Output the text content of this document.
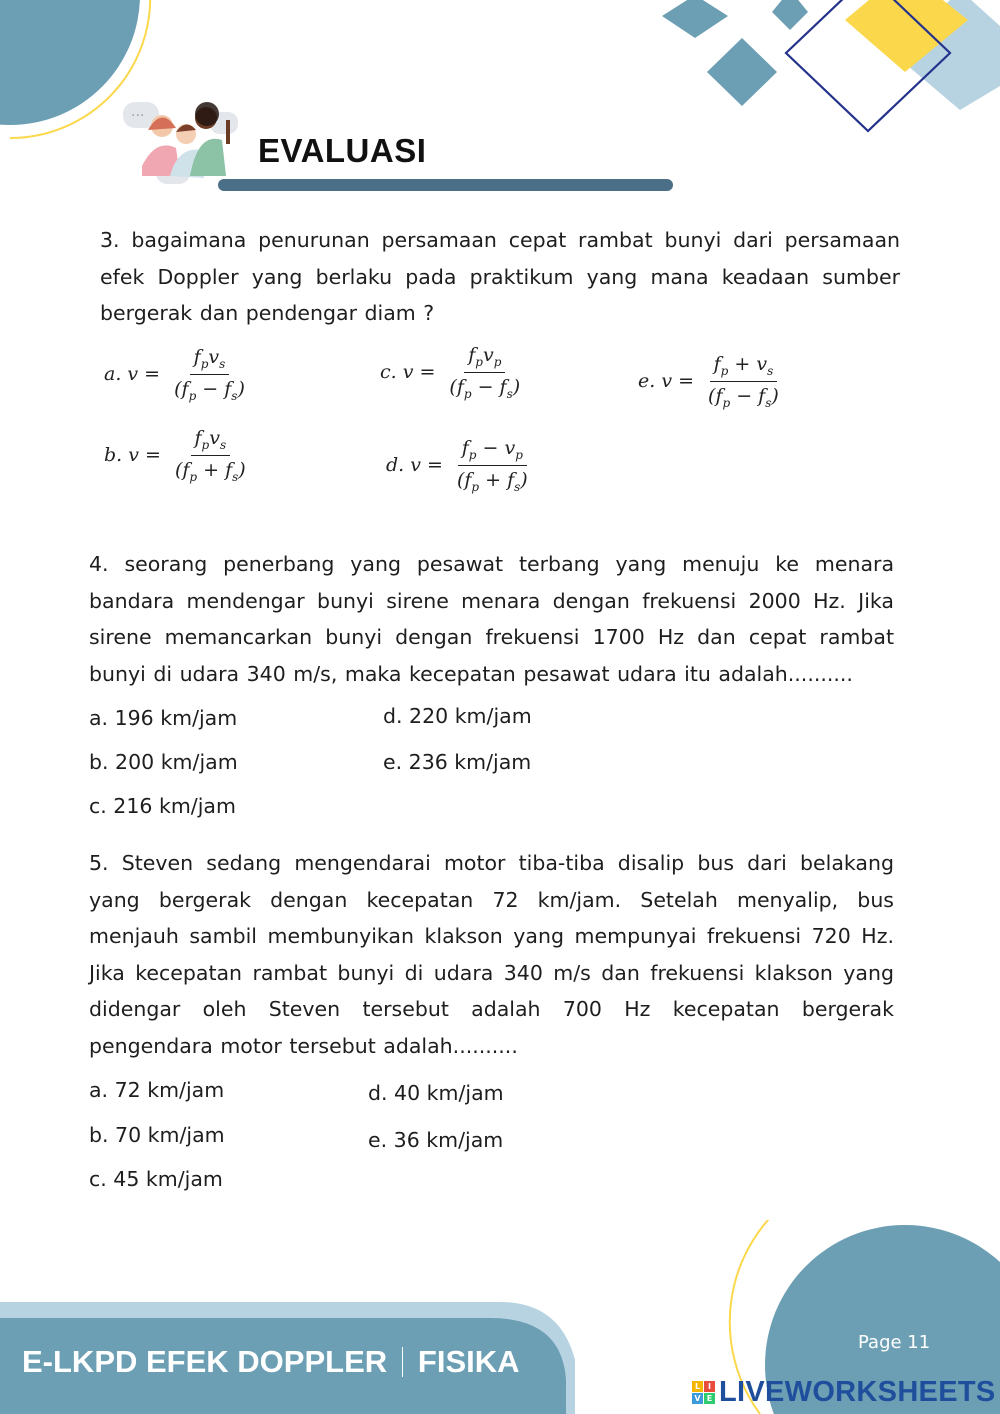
···
EVALUASI
3. bagaimana penurunan persamaan cepat rambat bunyi dari persamaan efek Doppler yang berlaku pada praktikum yang mana keadaan sumber bergerak dan pendengar diam ?
a. $v = \frac{f_pv_s}{(f_p - f_s)}$
b. $v = \frac{f_pv_s}{(f_p + f_s)}$
c. $v = \frac{f_pv_p}{(f_p - f_s)}$
d. $v = \frac{f_p - v_p}{(f_p + f_s)}$
e. $v = \frac{f_p + v_s}{(f_p - f_s)}$
4. seorang penerbang yang pesawat terbang yang menuju ke menara bandara mendengar bunyi sirene menara dengan frekuensi 2000 Hz. Jika sirene memancarkan bunyi dengan frekuensi 1700 Hz dan cepat rambat bunyi di udara 340 m/s, maka kecepatan pesawat udara itu adalah..........
a. 196 km/jam
b. 200 km/jam
c. 216 km/jam
d. 220 km/jam
e. 236 km/jam
5. Steven sedang mengendarai motor tiba-tiba disalip bus dari belakang yang bergerak dengan kecepatan 72 km/jam. Setelah menyalip, bus menjauh sambil membunyikan klakson yang mempunyai frekuensi 720 Hz. Jika kecepatan rambat bunyi di udara 340 m/s dan frekuensi klakson yang didengar oleh Steven tersebut adalah 700 Hz kecepatan bergerak pengendara motor tersebut adalah..........
a. 72 km/jam
b. 70 km/jam
c. 45 km/jam
d. 40 km/jam
e. 36 km/jam
E-LKPD EFEK DOPPLER FISIKA
Page 11
L I
V E LIVEWORKSHEETS
